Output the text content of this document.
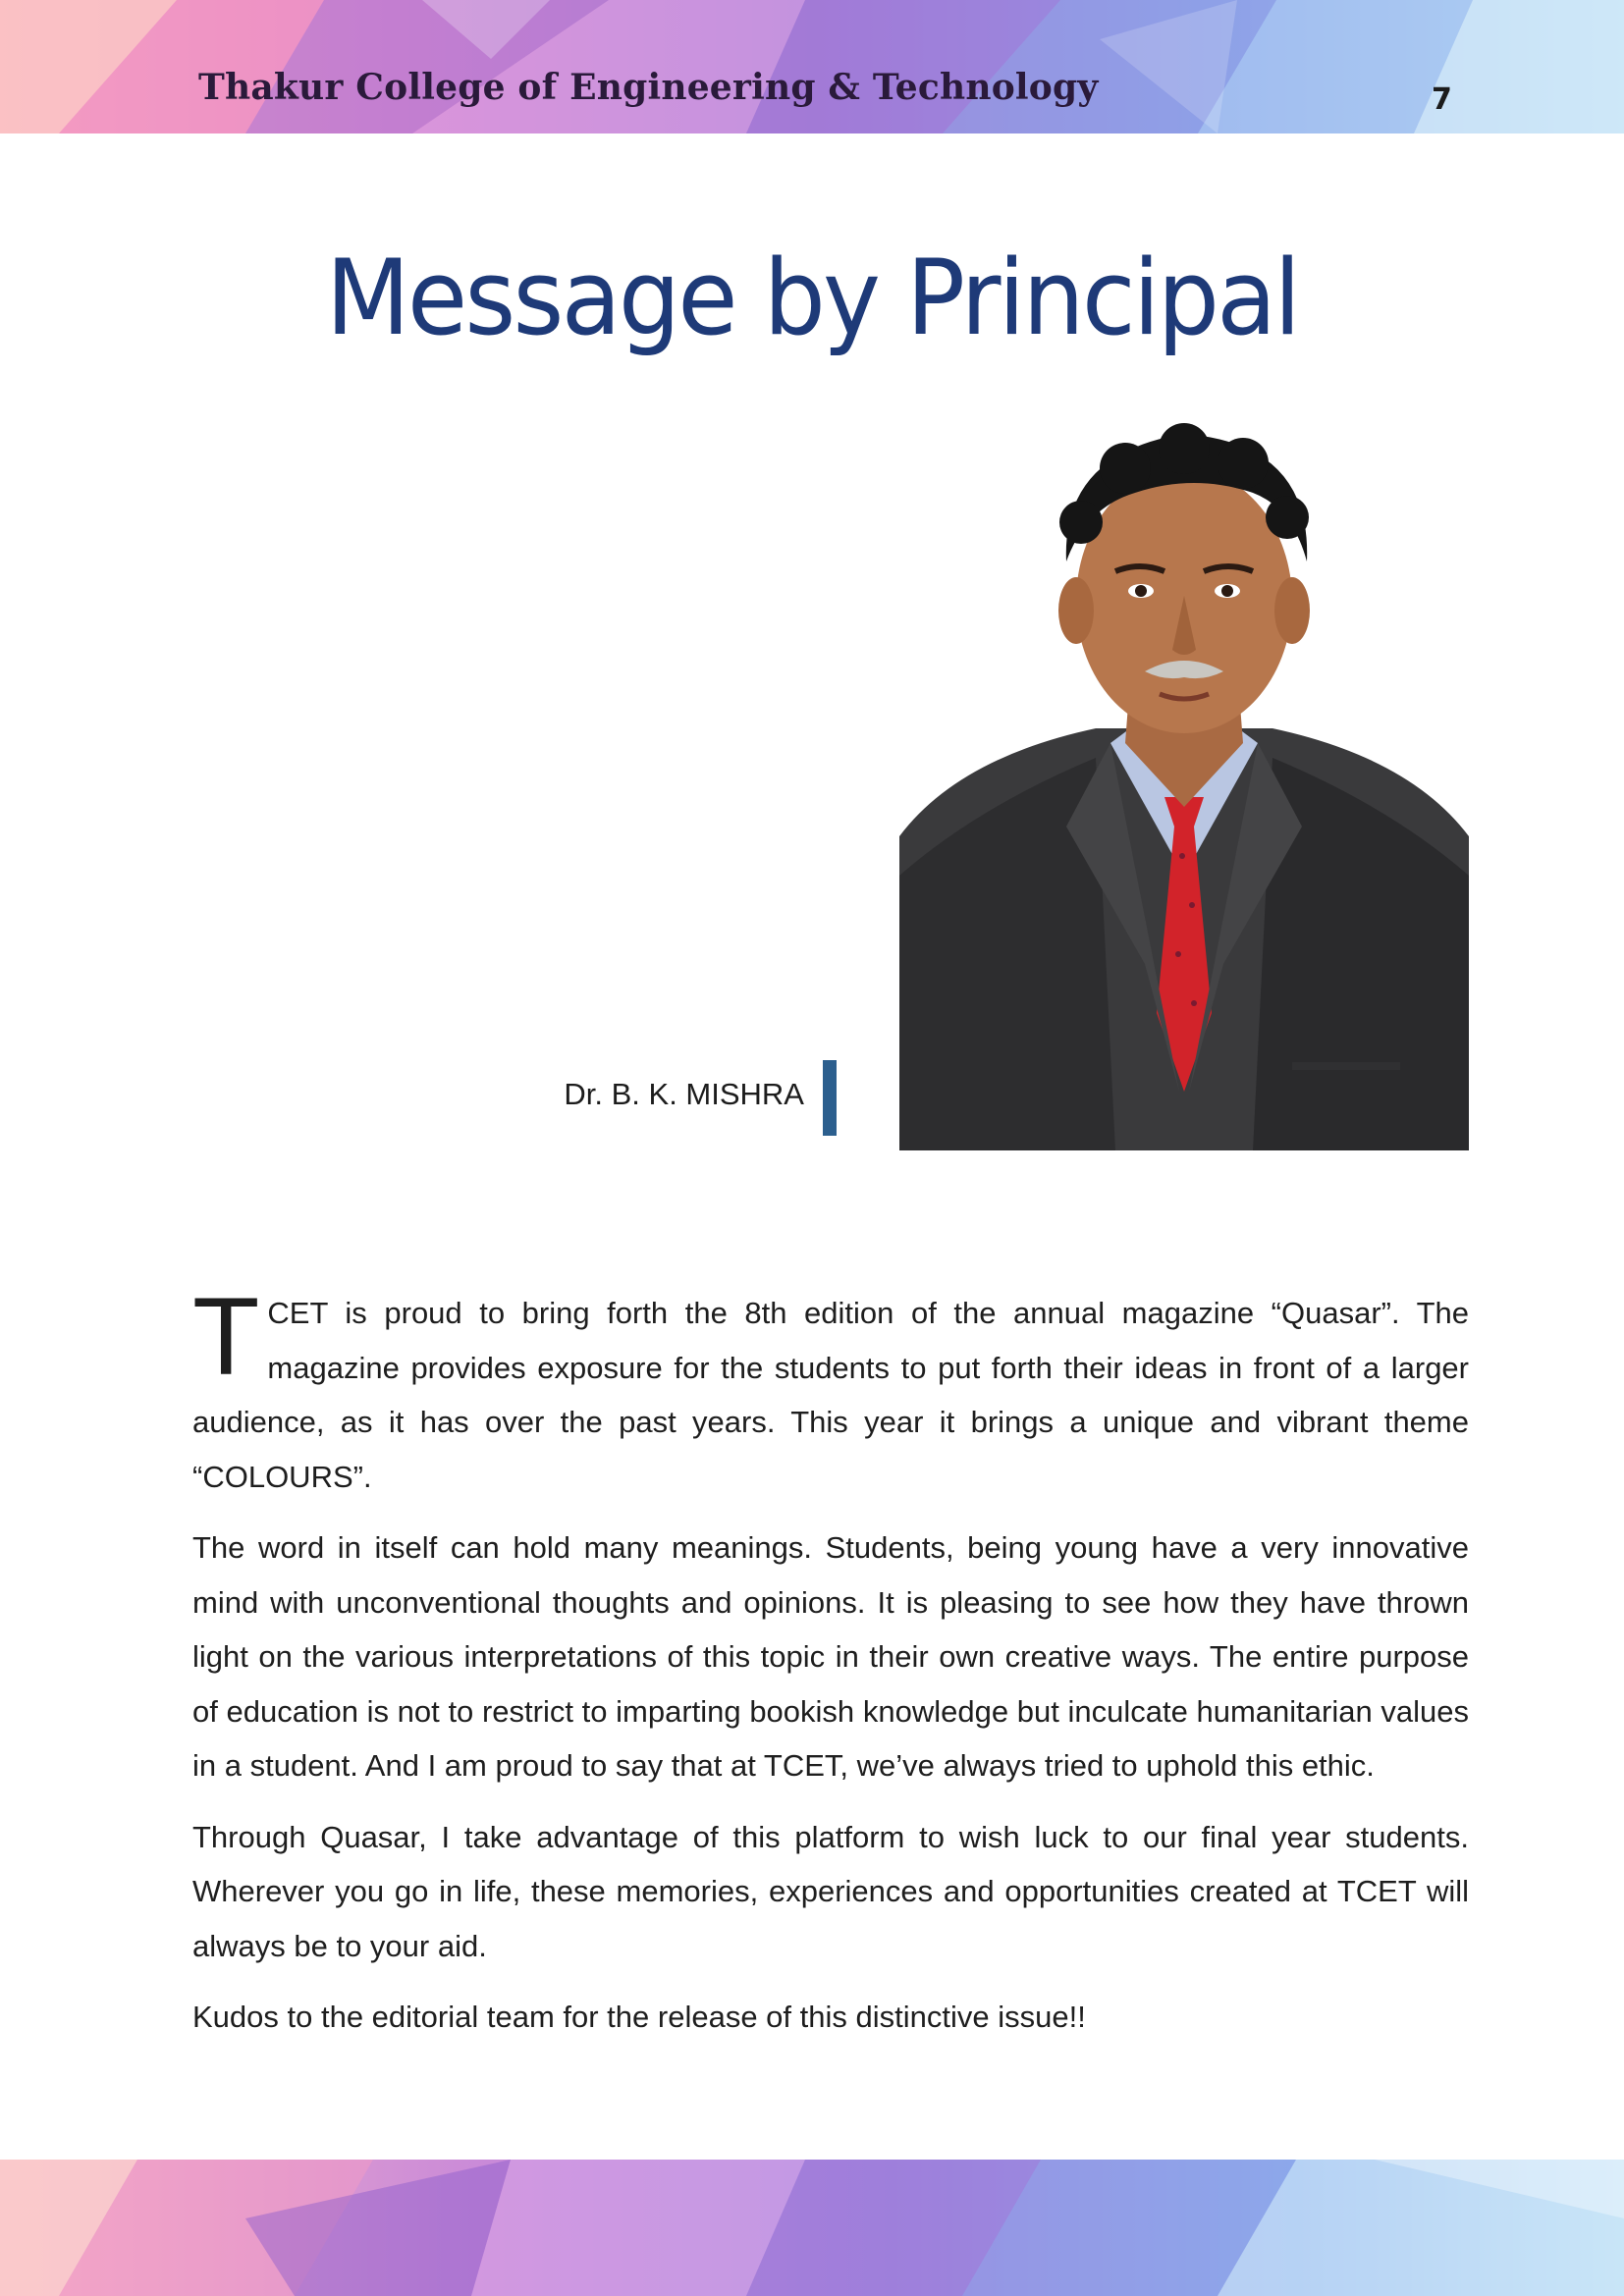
Thakur College of Engineering & Technology	7
Message by Principal
Dr. B. K. MISHRA

TCET is proud to bring forth the 8th edition of the annual magazine “Quasar”. The magazine provides exposure for the students to put forth their ideas in front of a larger audience, as it has over the past years. This year it brings a unique and vibrant theme “COLOURS”.

The word in itself can hold many meanings. Students, being young have a very innovative mind with unconventional thoughts and opinions. It is pleasing to see how they have thrown light on the various interpretations of this topic in their own creative ways. The entire purpose of education is not to restrict to imparting bookish knowledge but inculcate humanitarian values in a student. And I am proud to say that at TCET, we’ve always tried to uphold this ethic.

Through Quasar, I take advantage of this platform to wish luck to our final year students. Wherever you go in life, these memories, experiences and opportunities created at TCET will always be to your aid.

Kudos to the editorial team for the release of this distinctive issue!!
